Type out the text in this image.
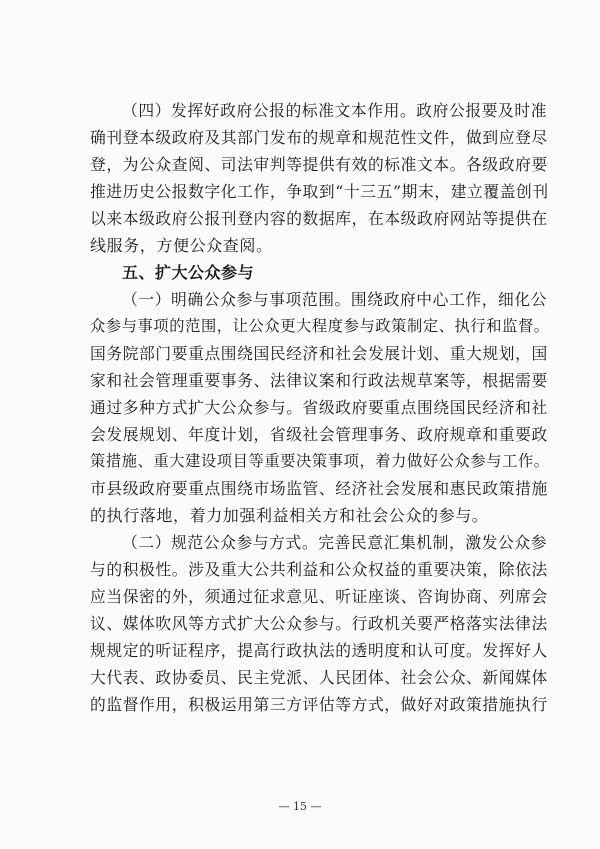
（四）发挥好政府公报的标准文本作用。政府公报要及时准
确刊登本级政府及其部门发布的规章和规范性文件，做到应登尽
登，为公众查阅、司法审判等提供有效的标准文本。各级政府要
推进历史公报数字化工作，争取到“十三五”期末，建立覆盖创刊
以来本级政府公报刊登内容的数据库，在本级政府网站等提供在
线服务，方便公众查阅。
五、扩大公众参与
（一）明确公众参与事项范围。围绕政府中心工作，细化公
众参与事项的范围，让公众更大程度参与政策制定、执行和监督。
国务院部门要重点围绕国民经济和社会发展计划、重大规划，国
家和社会管理重要事务、法律议案和行政法规草案等，根据需要
通过多种方式扩大公众参与。省级政府要重点围绕国民经济和社
会发展规划、年度计划，省级社会管理事务、政府规章和重要政
策措施、重大建设项目等重要决策事项，着力做好公众参与工作。
市县级政府要重点围绕市场监管、经济社会发展和惠民政策措施
的执行落地，着力加强利益相关方和社会公众的参与。
（二）规范公众参与方式。完善民意汇集机制，激发公众参
与的积极性。涉及重大公共利益和公众权益的重要决策，除依法
应当保密的外，须通过征求意见、听证座谈、咨询协商、列席会
议、媒体吹风等方式扩大公众参与。行政机关要严格落实法律法
规规定的听证程序，提高行政执法的透明度和认可度。发挥好人
大代表、政协委员、民主党派、人民团体、社会公众、新闻媒体
的监督作用，积极运用第三方评估等方式，做好对政策措施执行
— 15 —
